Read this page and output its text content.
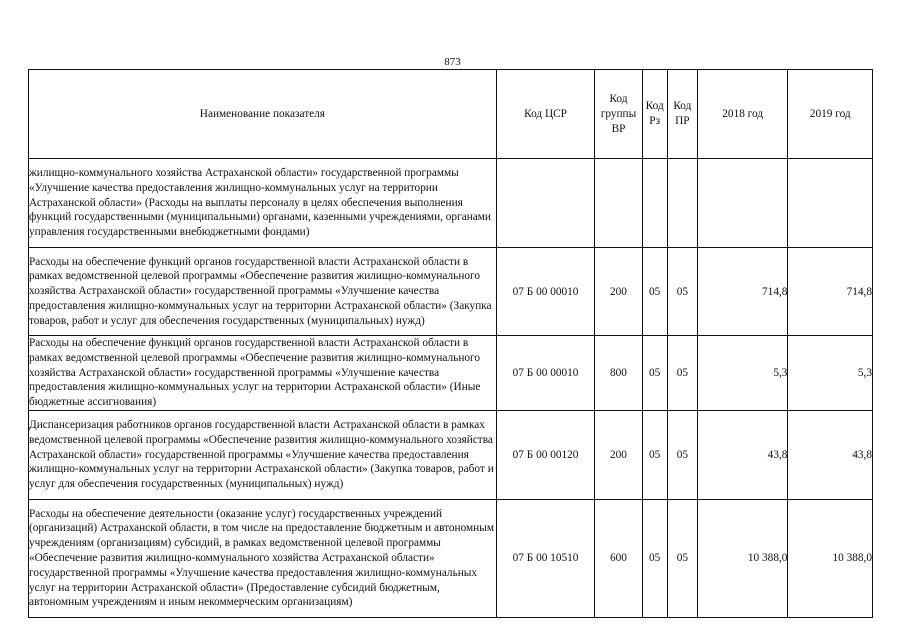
873
Наименование показателя	Код ЦСР	Код группы ВР	Код Рз	Код ПР	2018 год	2019 год
жилищно-коммунального хозяйства Астраханской области» государственной программы «Улучшение качества предоставления жилищно-коммунальных услуг на территории Астраханской области» (Расходы на выплаты персоналу в целях обеспечения выполнения функций государственными (муниципальными) органами, казенными учреждениями, органами управления государственными внебюджетными фондами)						
Расходы на обеспечение функций органов государственной власти Астраханской области в рамках ведомственной целевой программы «Обеспечение развития жилищно-коммунального хозяйства Астраханской области» государственной программы «Улучшение качества предоставления жилищно-коммунальных услуг на территории Астраханской области» (Закупка товаров, работ и услуг для обеспечения государственных (муниципальных) нужд)	07 Б 00 00010	200	05	05	714,8	714,8
Расходы на обеспечение функций органов государственной власти Астраханской области в рамках ведомственной целевой программы «Обеспечение развития жилищно-коммунального хозяйства Астраханской области» государственной программы «Улучшение качества предоставления жилищно-коммунальных услуг на территории Астраханской области» (Иные бюджетные ассигнования)	07 Б 00 00010	800	05	05	5,3	5,3
Диспансеризация работников органов государственной власти Астраханской области в рамках ведомственной целевой программы «Обеспечение развития жилищно-коммунального хозяйства Астраханской области» государственной программы «Улучшение качества предоставления жилищно-коммунальных услуг на территории Астраханской области» (Закупка товаров, работ и услуг для обеспечения государственных (муниципальных) нужд)	07 Б 00 00120	200	05	05	43,8	43,8
Расходы на обеспечение деятельности (оказание услуг) государственных учреждений (организаций) Астраханской области, в том числе на предоставление бюджетным и автономным учреждениям (организациям) субсидий, в рамках ведомственной целевой программы «Обеспечение развития жилищно-коммунального хозяйства Астраханской области» государственной программы «Улучшение качества предоставления жилищно-коммунальных услуг на территории Астраханской области» (Предоставление субсидий бюджетным, автономным учреждениям и иным некоммерческим организациям)	07 Б 00 10510	600	05	05	10 388,0	10 388,0
